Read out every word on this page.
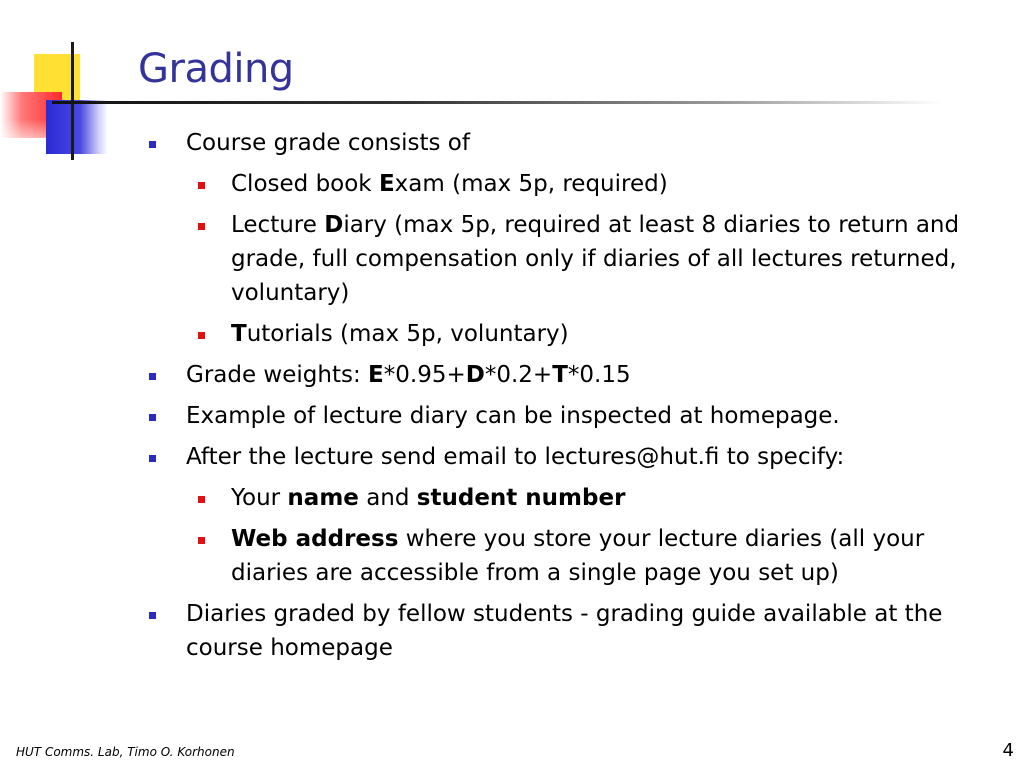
Grading
Course grade consists of
Closed book Exam (max 5p, required)
Lecture Diary (max 5p, required at least 8 diaries to return and grade, full compensation only if diaries of all lectures returned, voluntary)
Tutorials (max 5p, voluntary)
Grade weights: E*0.95+D*0.2+T*0.15
Example of lecture diary can be inspected at homepage.
After the lecture send email to lectures@hut.fi to specify:
Your name and student number
Web address where you store your lecture diaries (all your diaries are accessible from a single page you set up)
Diaries graded by fellow students - grading guide available at the course homepage
HUT Comms. Lab, Timo O. Korhonen	4
